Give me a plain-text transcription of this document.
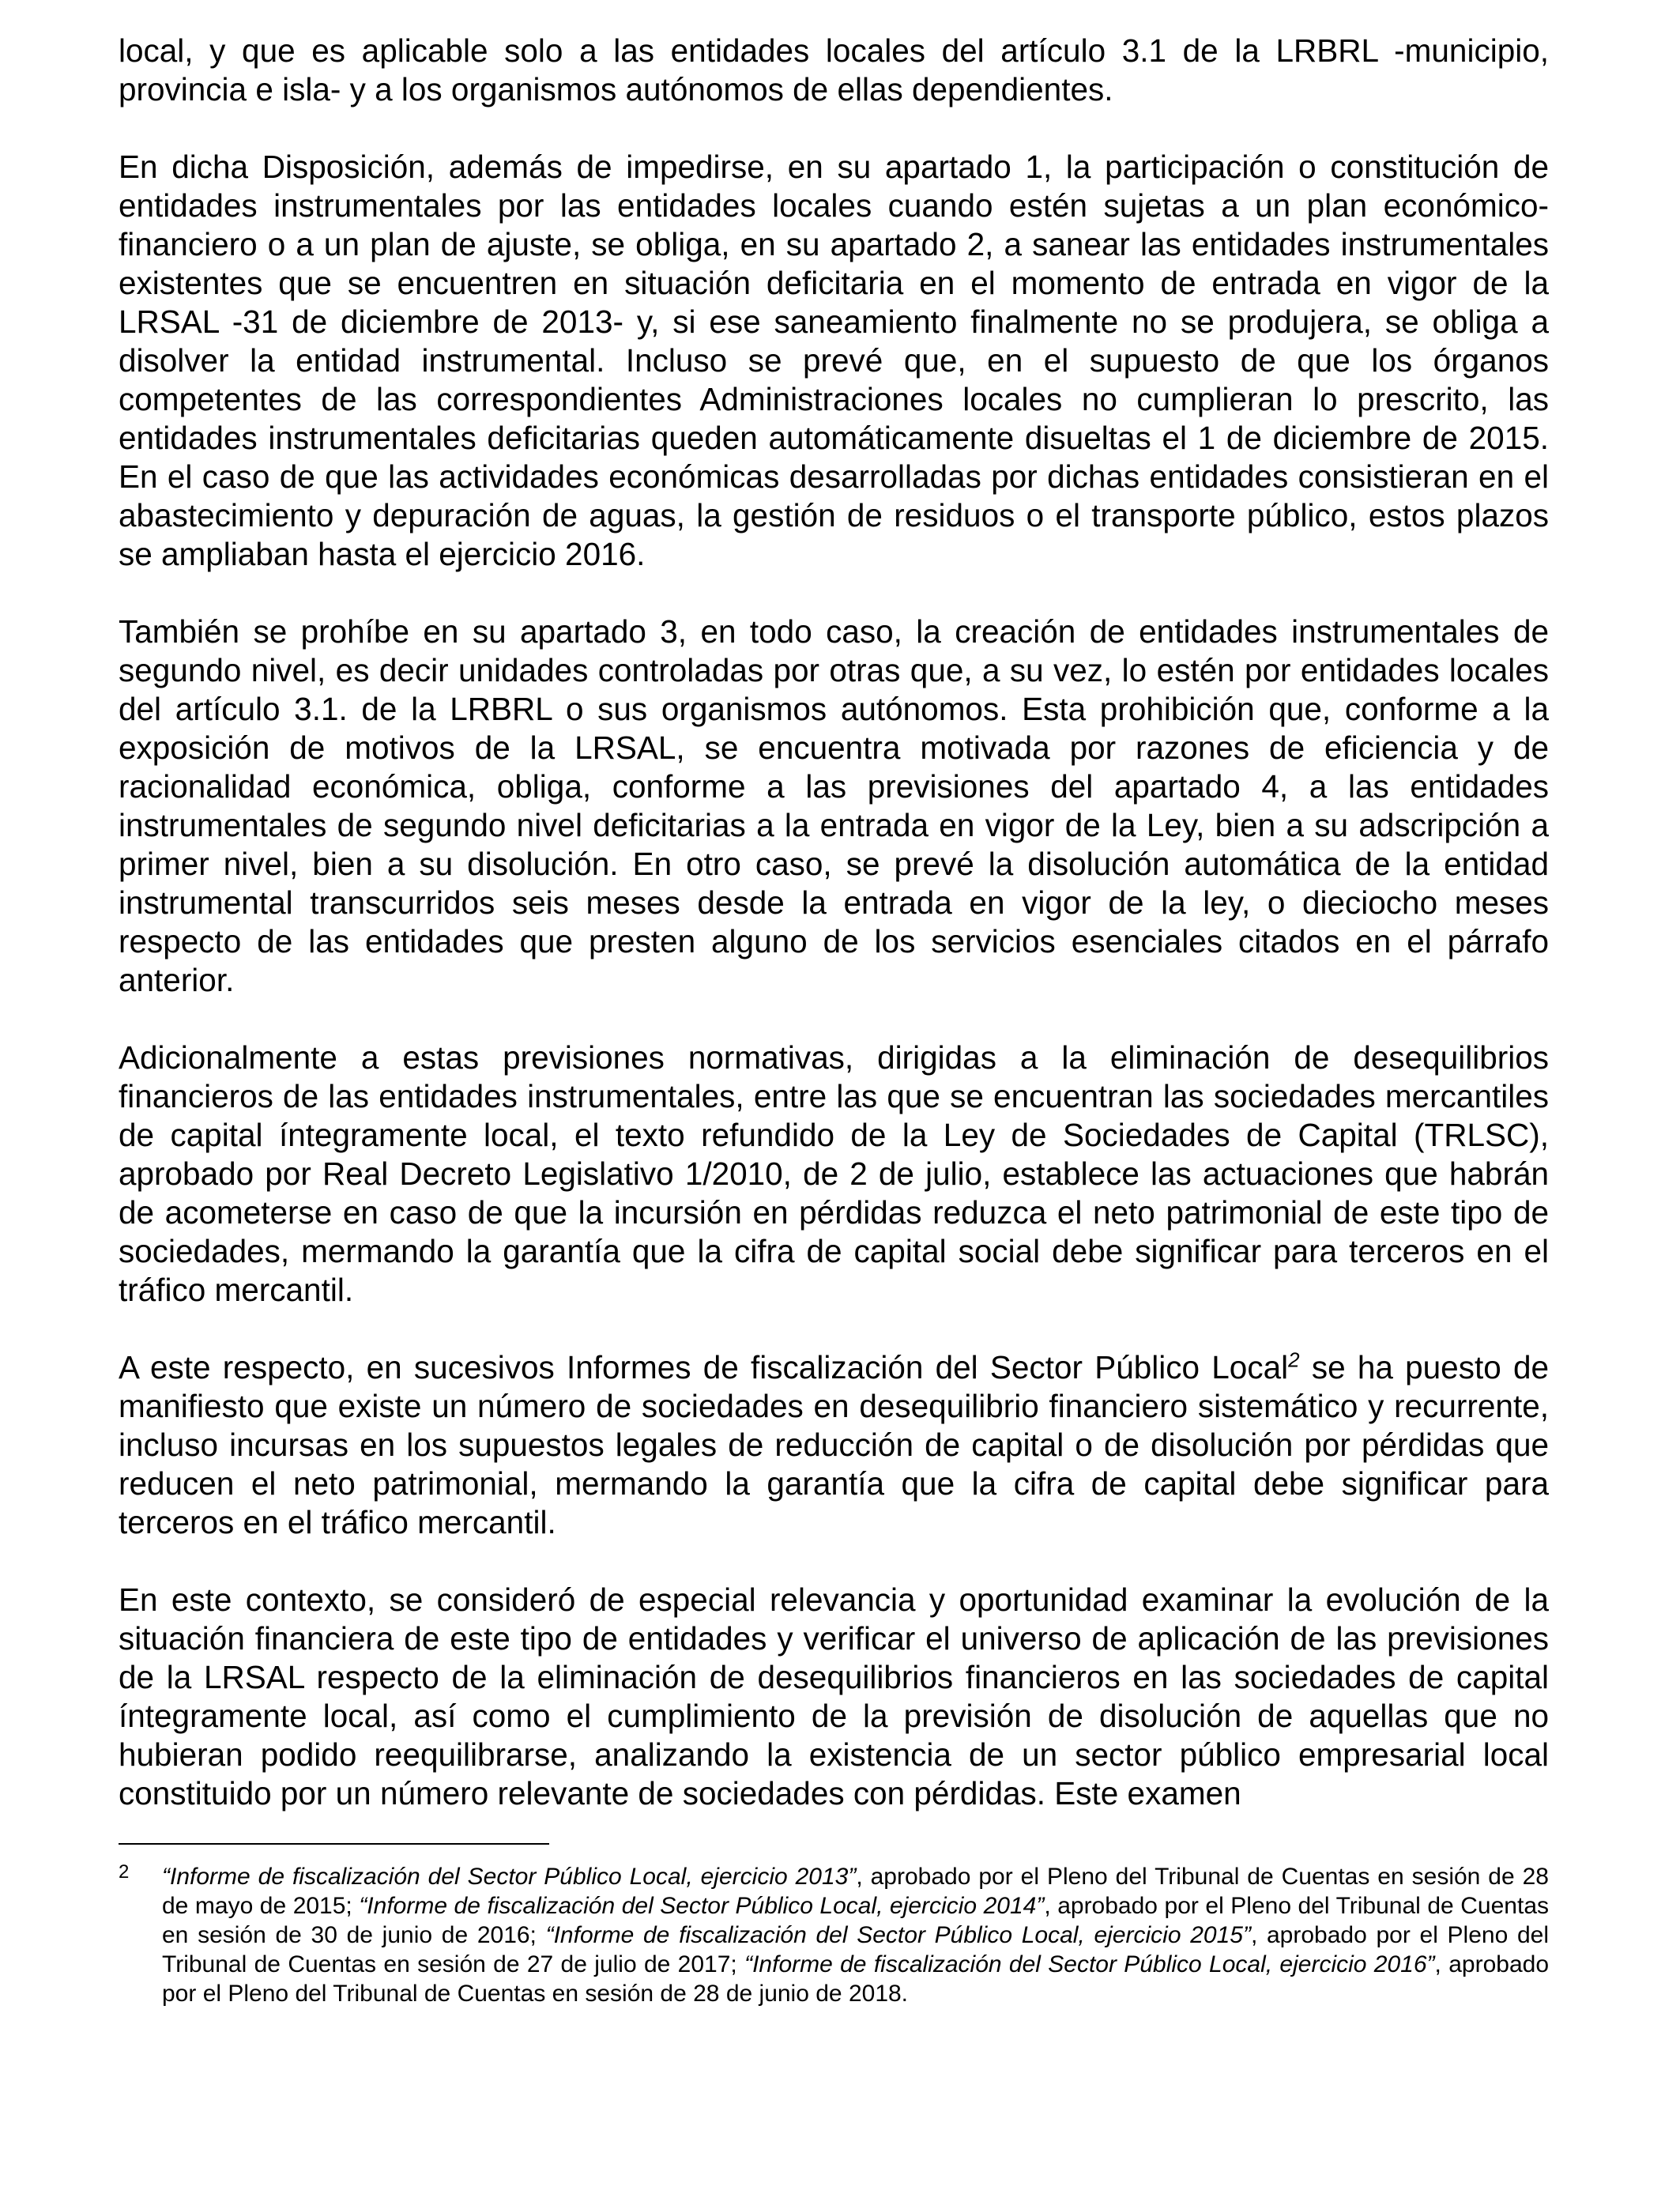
local, y que es aplicable solo a las entidades locales del artículo 3.1 de la LRBRL -municipio, provincia e isla- y a los organismos autónomos de ellas dependientes.

En dicha Disposición, además de impedirse, en su apartado 1, la participación o constitución de entidades instrumentales por las entidades locales cuando estén sujetas a un plan económico-financiero o a un plan de ajuste, se obliga, en su apartado 2, a sanear las entidades instrumentales existentes que se encuentren en situación deficitaria en el momento de entrada en vigor de la LRSAL -31 de diciembre de 2013- y, si ese saneamiento finalmente no se produjera, se obliga a disolver la entidad instrumental. Incluso se prevé que, en el supuesto de que los órganos competentes de las correspondientes Administraciones locales no cumplieran lo prescrito, las entidades instrumentales deficitarias queden automáticamente disueltas el 1 de diciembre de 2015. En el caso de que las actividades económicas desarrolladas por dichas entidades consistieran en el abastecimiento y depuración de aguas, la gestión de residuos o el transporte público, estos plazos se ampliaban hasta el ejercicio 2016.

También se prohíbe en su apartado 3, en todo caso, la creación de entidades instrumentales de segundo nivel, es decir unidades controladas por otras que, a su vez, lo estén por entidades locales del artículo 3.1. de la LRBRL o sus organismos autónomos. Esta prohibición que, conforme a la exposición de motivos de la LRSAL, se encuentra motivada por razones de eficiencia y de racionalidad económica, obliga, conforme a las previsiones del apartado 4, a las entidades instrumentales de segundo nivel deficitarias a la entrada en vigor de la Ley, bien a su adscripción a primer nivel, bien a su disolución. En otro caso, se prevé la disolución automática de la entidad instrumental transcurridos seis meses desde la entrada en vigor de la ley, o dieciocho meses respecto de las entidades que presten alguno de los servicios esenciales citados en el párrafo anterior.

Adicionalmente a estas previsiones normativas, dirigidas a la eliminación de desequilibrios financieros de las entidades instrumentales, entre las que se encuentran las sociedades mercantiles de capital íntegramente local, el texto refundido de la Ley de Sociedades de Capital (TRLSC), aprobado por Real Decreto Legislativo 1/2010, de 2 de julio, establece las actuaciones que habrán de acometerse en caso de que la incursión en pérdidas reduzca el neto patrimonial de este tipo de sociedades, mermando la garantía que la cifra de capital social debe significar para terceros en el tráfico mercantil.

A este respecto, en sucesivos Informes de fiscalización del Sector Público Local$^2$ se ha puesto de manifiesto que existe un número de sociedades en desequilibrio financiero sistemático y recurrente, incluso incursas en los supuestos legales de reducción de capital o de disolución por pérdidas que reducen el neto patrimonial, mermando la garantía que la cifra de capital debe significar para terceros en el tráfico mercantil.

En este contexto, se consideró de especial relevancia y oportunidad examinar la evolución de la situación financiera de este tipo de entidades y verificar el universo de aplicación de las previsiones de la LRSAL respecto de la eliminación de desequilibrios financieros en las sociedades de capital íntegramente local, así como el cumplimiento de la previsión de disolución de aquellas que no hubieran podido reequilibrarse, analizando la existencia de un sector público empresarial local constituido por un número relevante de sociedades con pérdidas. Este examen

2 “Informe de fiscalización del Sector Público Local, ejercicio 2013”, aprobado por el Pleno del Tribunal de Cuentas en sesión de 28 de mayo de 2015; “Informe de fiscalización del Sector Público Local, ejercicio 2014”, aprobado por el Pleno del Tribunal de Cuentas en sesión de 30 de junio de 2016; “Informe de fiscalización del Sector Público Local, ejercicio 2015”, aprobado por el Pleno del Tribunal de Cuentas en sesión de 27 de julio de 2017; “Informe de fiscalización del Sector Público Local, ejercicio 2016”, aprobado por el Pleno del Tribunal de Cuentas en sesión de 28 de junio de 2018.
